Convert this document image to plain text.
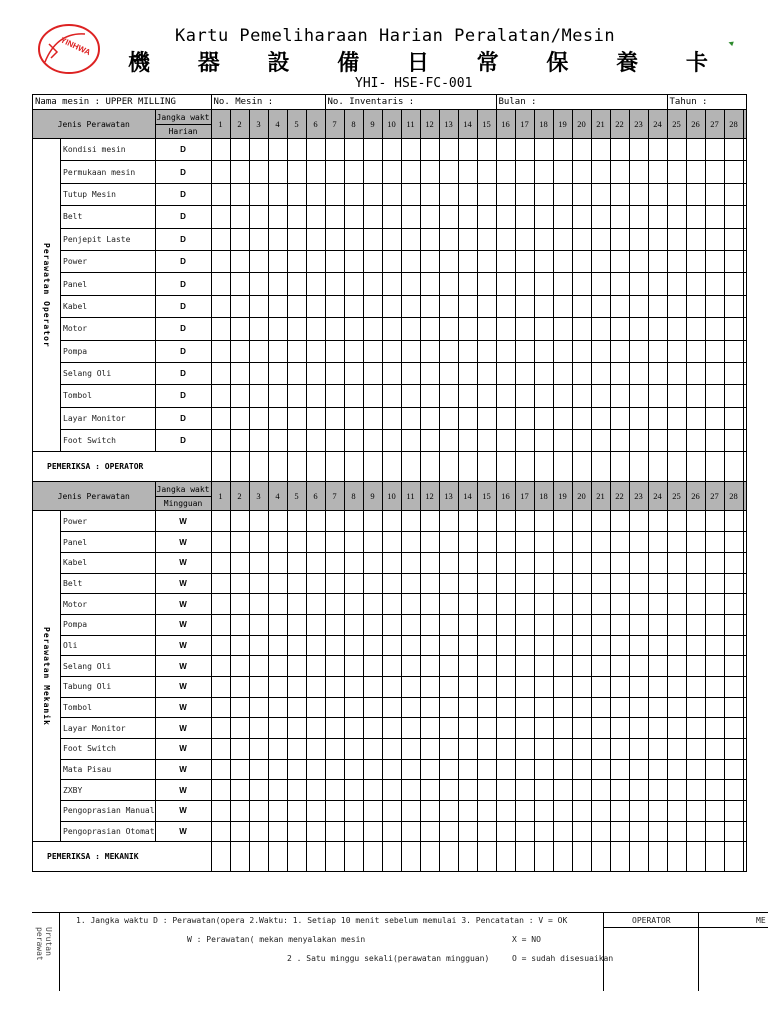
YINHWA	Kartu Pemeliharaan Harian Peralatan/Mesin
機 器 設 備 日 常 保 養 卡
YHI- HSE-FC-001
▲
Nama mesin : UPPER MILLING			No. Mesin :						No. Inventaris :									Bulan :									Tahun :				
Jenis Perawatan		Jangka wakt	1	2	3	4	5	6	7	8	9	10	11	12	13	14	15	16	17	18	19	20	21	22	23	24	25	26	27	28	
		Harian																													
Perawatan Operator	Kondisi mesin	D																													
	Permukaan mesin	D																													
	Tutup Mesin	D																													
	Belt	D																													
	Penjepit Laste	D																													
	Power	D																													
	Panel	D																													
	Kabel	D																													
	Motor	D																													
	Pompa	D																													
	Selang Oli	D																													
	Tombol	D																													
	Layar Monitor	D																													
	Foot Switch	D																													
PEMERIKSA : OPERATOR																															
Jenis Perawatan		Jangka wakt	1	2	3	4	5	6	7	8	9	10	11	12	13	14	15	16	17	18	19	20	21	22	23	24	25	26	27	28	
		Mingguan																													
Perawatan Mekanik	Power	W																													
	Panel	W																													
	Kabel	W																													
	Belt	W																													
	Motor	W																													
	Pompa	W																													
	Oli	W																													
	Selang Oli	W																													
	Tabung Oli	W																													
	Tombol	W																													
	Layar Monitor	W																													
	Foot Switch	W																													
	Mata Pisau	W																													
	ZXBY	W																													
	Pengoprasian Manual	W																													
	Pengoprasian Otomat	W																													
PEMERIKSA : MEKANIK																															
Urutan perawat
1. Jangka waktu D : Perawatan(opera 2.Waktu: 1. Setiap 10 menit sebelum memulai 3. Pencatatan : V = OK
W : Perawatan( mekan menyalakan mesin	X = NO
2 . Satu minggu sekali(perawatan mingguan)	O = sudah disesuaikan
OPERATOR	ME
